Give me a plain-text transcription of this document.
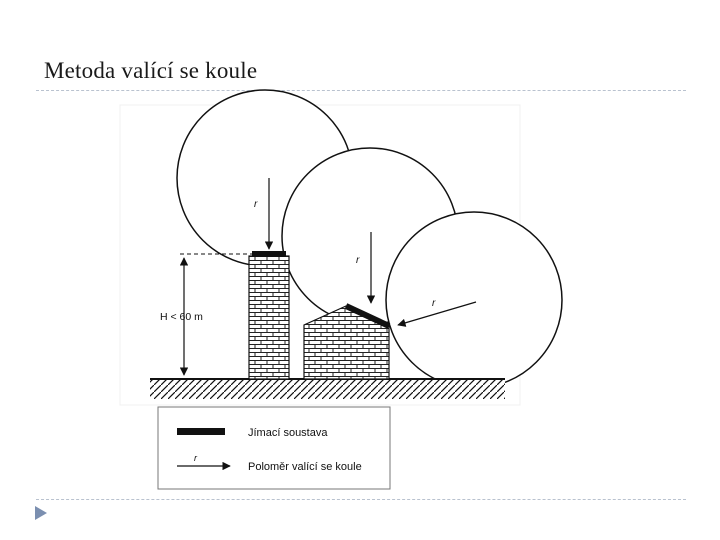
Metoda valící se koule
H < 60 m
r
r
r
Jímací soustava
r
Poloměr valící se koule
